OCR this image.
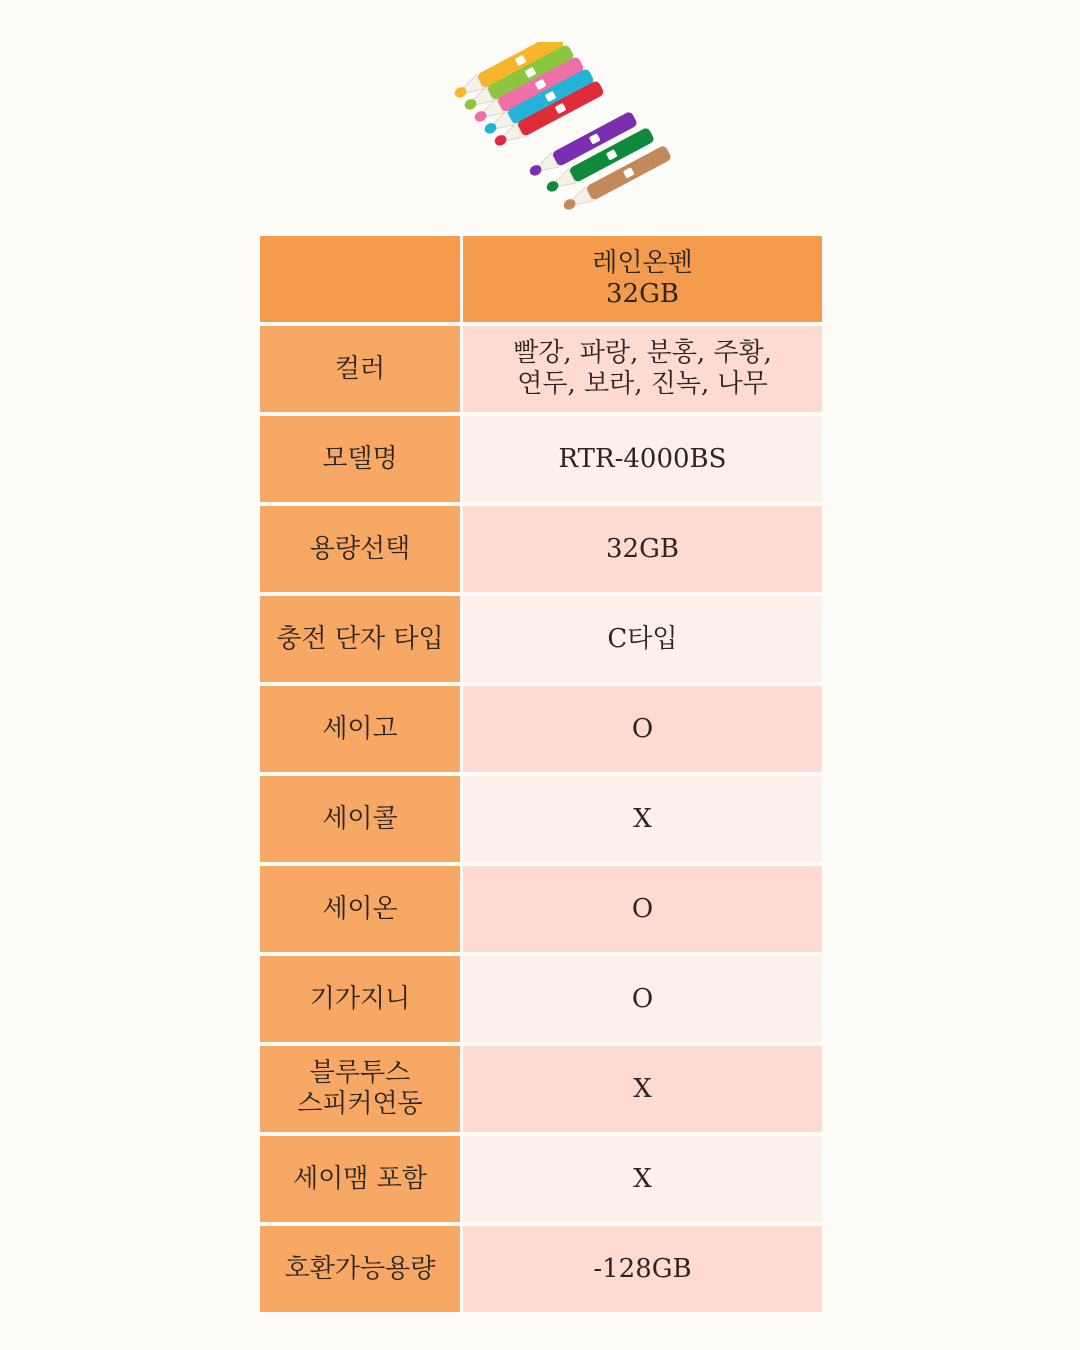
	레인온펜
32GB
컬러	빨강, 파랑, 분홍, 주황,
연두, 보라, 진녹, 나무
모델명	RTR-4000BS
용량선택	32GB
충전 단자 타입	C타입
세이고	O
세이콜	X
세이온	O
기가지니	O
블루투스
스피커연동	X
세이맴 포함	X
호환가능용량	-128GB
